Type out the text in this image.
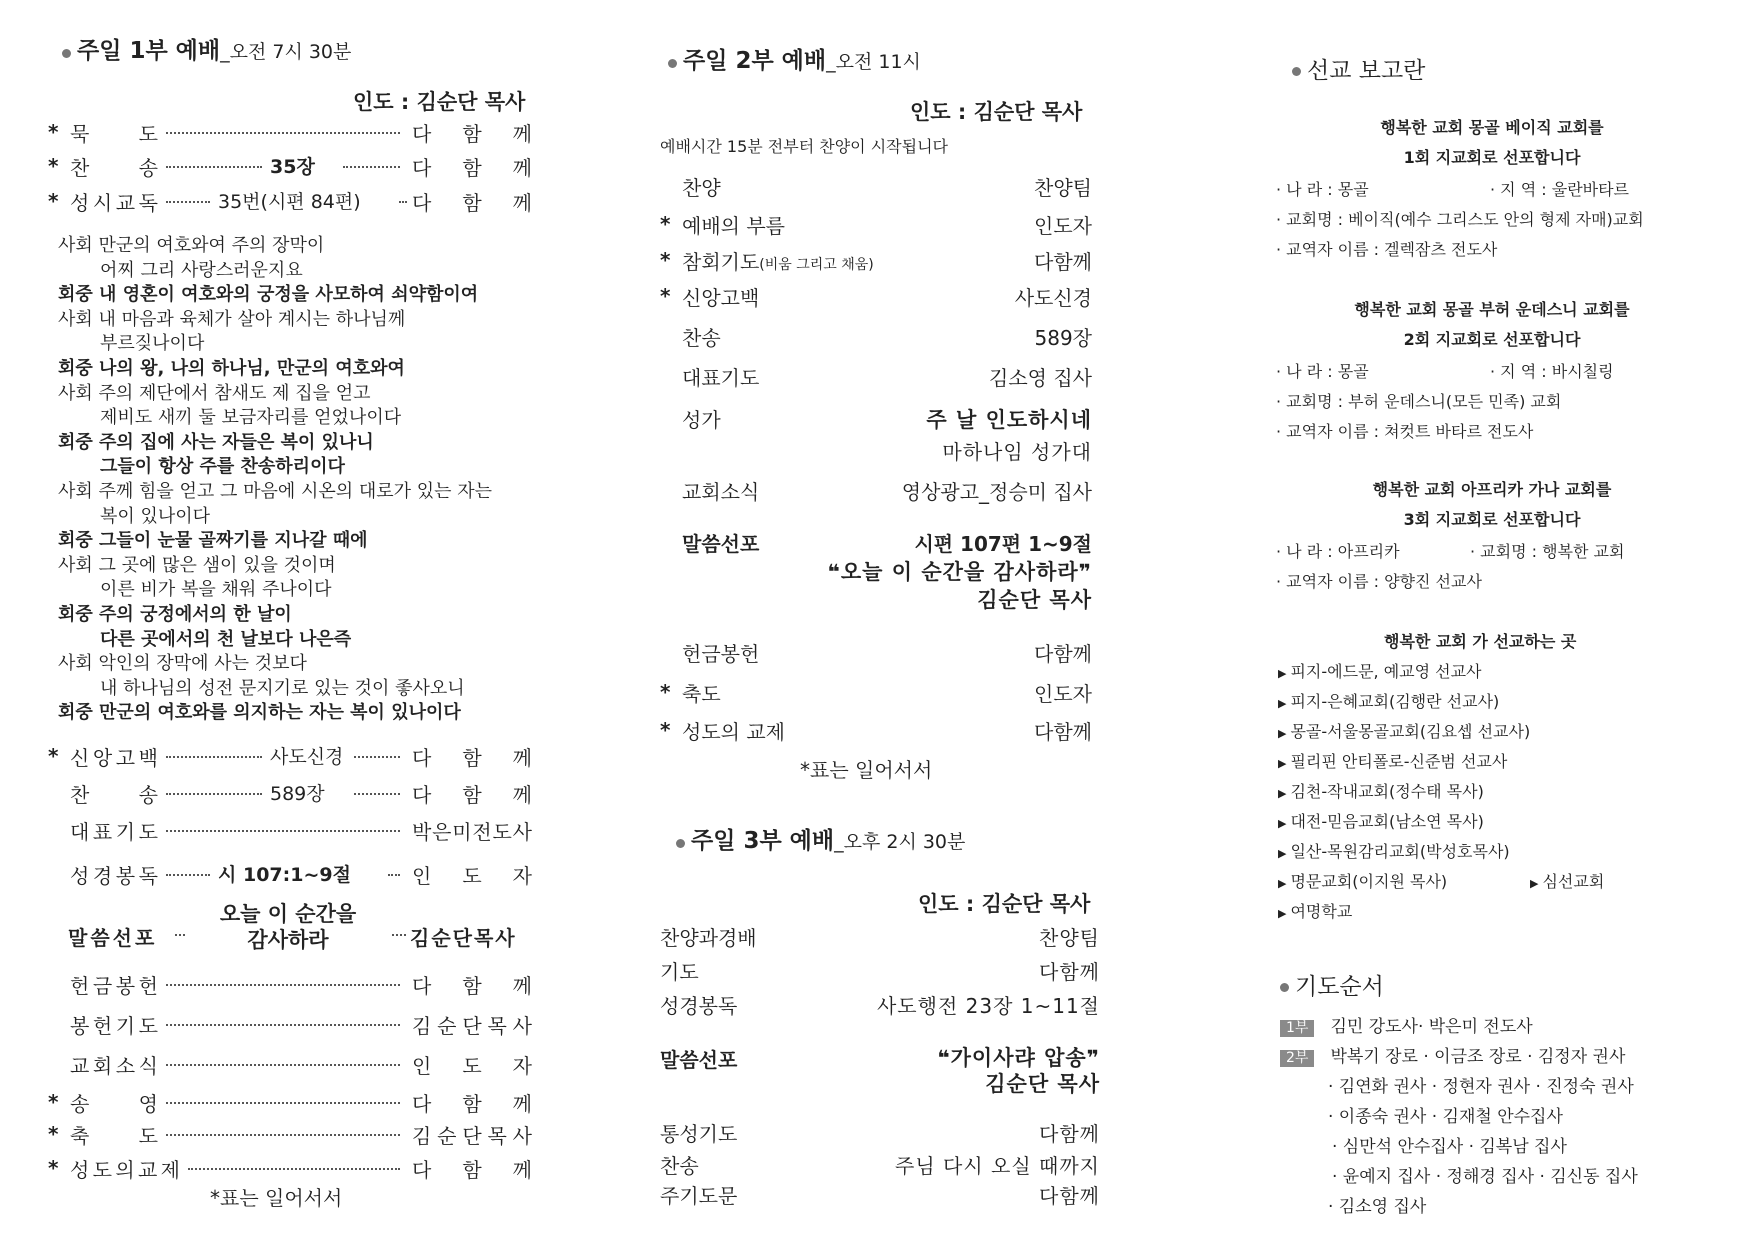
주일 1부 예배_오전 7시 30분
인도 : 김순단 목사
* 묵 도	다 함 께
* 찬 송	35장	다 함 께
* 성 시 교 독	35번(시편 84편)	다 함 께
사회 만군의 여호와여 주의 장막이
어찌 그리 사랑스러운지요
회중 내 영혼이 여호와의 궁정을 사모하여 쇠약함이여
사회 내 마음과 육체가 살아 계시는 하나님께
부르짖나이다
회중 나의 왕, 나의 하나님, 만군의 여호와여
사회 주의 제단에서 참새도 제 집을 얻고
제비도 새끼 둘 보금자리를 얻었나이다
회중 주의 집에 사는 자들은 복이 있나니
그들이 항상 주를 찬송하리이다
사회 주께 힘을 얻고 그 마음에 시온의 대로가 있는 자는
복이 있나이다
회중 그들이 눈물 골짜기를 지나갈 때에
사회 그 곳에 많은 샘이 있을 것이며
이른 비가 복을 채워 주나이다
회중 주의 궁정에서의 한 날이
다른 곳에서의 천 날보다 나은즉
사회 악인의 장막에 사는 것보다
내 하나님의 성전 문지기로 있는 것이 좋사오니
회중 만군의 여호와를 의지하는 자는 복이 있나이다
* 신 앙 고 백	사도신경	다 함 께
찬 송	589장	다 함 께
대 표 기 도	박 은 미 전 도 사
성 경 봉 독	시 107:1~9절	인 도 자
말씀선포
오늘 이 순간을
감사하라	김순단목사
헌 금 봉 헌	다 함 께
봉 헌 기 도	김 순 단 목 사
교 회 소 식	인 도 자
* 송 영	다 함 께
* 축 도	김 순 단 목 사
* 성 도 의 교 제	다 함 께
*표는 일어서서
주일 2부 예배_오전 11시
인도 : 김순단 목사
예배시간 15분 전부터 찬양이 시작됩니다
찬양	찬양팀
* 예배의 부름	인도자
* 참회기도(비움 그리고 채움)	다함께
* 신앙고백	사도신경
찬송	589장
대표기도	김소영 집사
성가	주 날 인도하시네
마하나임 성가대
교회소식	영상광고_정승미 집사
말씀선포	시편 107편 1~9절
❝오늘 이 순간을 감사하라❞
김순단 목사
헌금봉헌	다함께
* 축도	인도자
* 성도의 교제	다함께
*표는 일어서서
주일 3부 예배_오후 2시 30분
인도 : 김순단 목사
찬양과경배	찬양팀
기도	다함께
성경봉독	사도행전 23장 1~11절
말씀선포	❝가이사랴 압송❞
김순단 목사
통성기도	다함께
찬송	주님 다시 오실 때까지
주기도문	다함께
선교 보고란
행복한 교회 몽골 베이직 교회를
1회 지교회로 선포합니다
· 나 라 : 몽골
· 교회명 : 베이직(예수 그리스도 안의 형제 자매)교회
· 교역자 이름 : 겔렉잠츠 전도사
· 지 역 : 울란바타르
행복한 교회 몽골 부허 운데스니 교회를
2회 지교회로 선포합니다
· 나 라 : 몽골
· 교회명 : 부허 운데스니(모든 민족) 교회
· 교역자 이름 : 쳐컷트 바타르 전도사
· 지 역 : 바시칠링
행복한 교회 아프리카 가나 교회를
3회 지교회로 선포합니다
· 나 라 : 아프리카
· 교역자 이름 : 양향진 선교사
· 교회명 : 행복한 교회
행복한 교회 가 선교하는 곳
▶ 피지-에드문, 예교영 선교사
▶ 피지-은혜교회(김행란 선교사)
▶ 몽골-서울몽골교회(김요셉 선교사)
▶ 필리핀 안티폴로-신준범 선교사
▶ 김천-작내교회(정수태 목사)
▶ 대전-믿음교회(남소연 목사)
▶ 일산-목원감리교회(박성호목사)
▶ 명문교회(이지원 목사)
▶ 여명학교
▶ 심선교회
기도순서
1부 김민 강도사· 박은미 전도사
2부 박복기 장로 · 이금조 장로 · 김정자 권사
· 김연화 권사 · 정현자 권사 · 진정숙 권사
· 이종숙 권사 · 김재철 안수집사
· 심만석 안수집사 · 김복남 집사
· 윤예지 집사 · 정해경 집사 · 김신동 집사
· 김소영 집사
